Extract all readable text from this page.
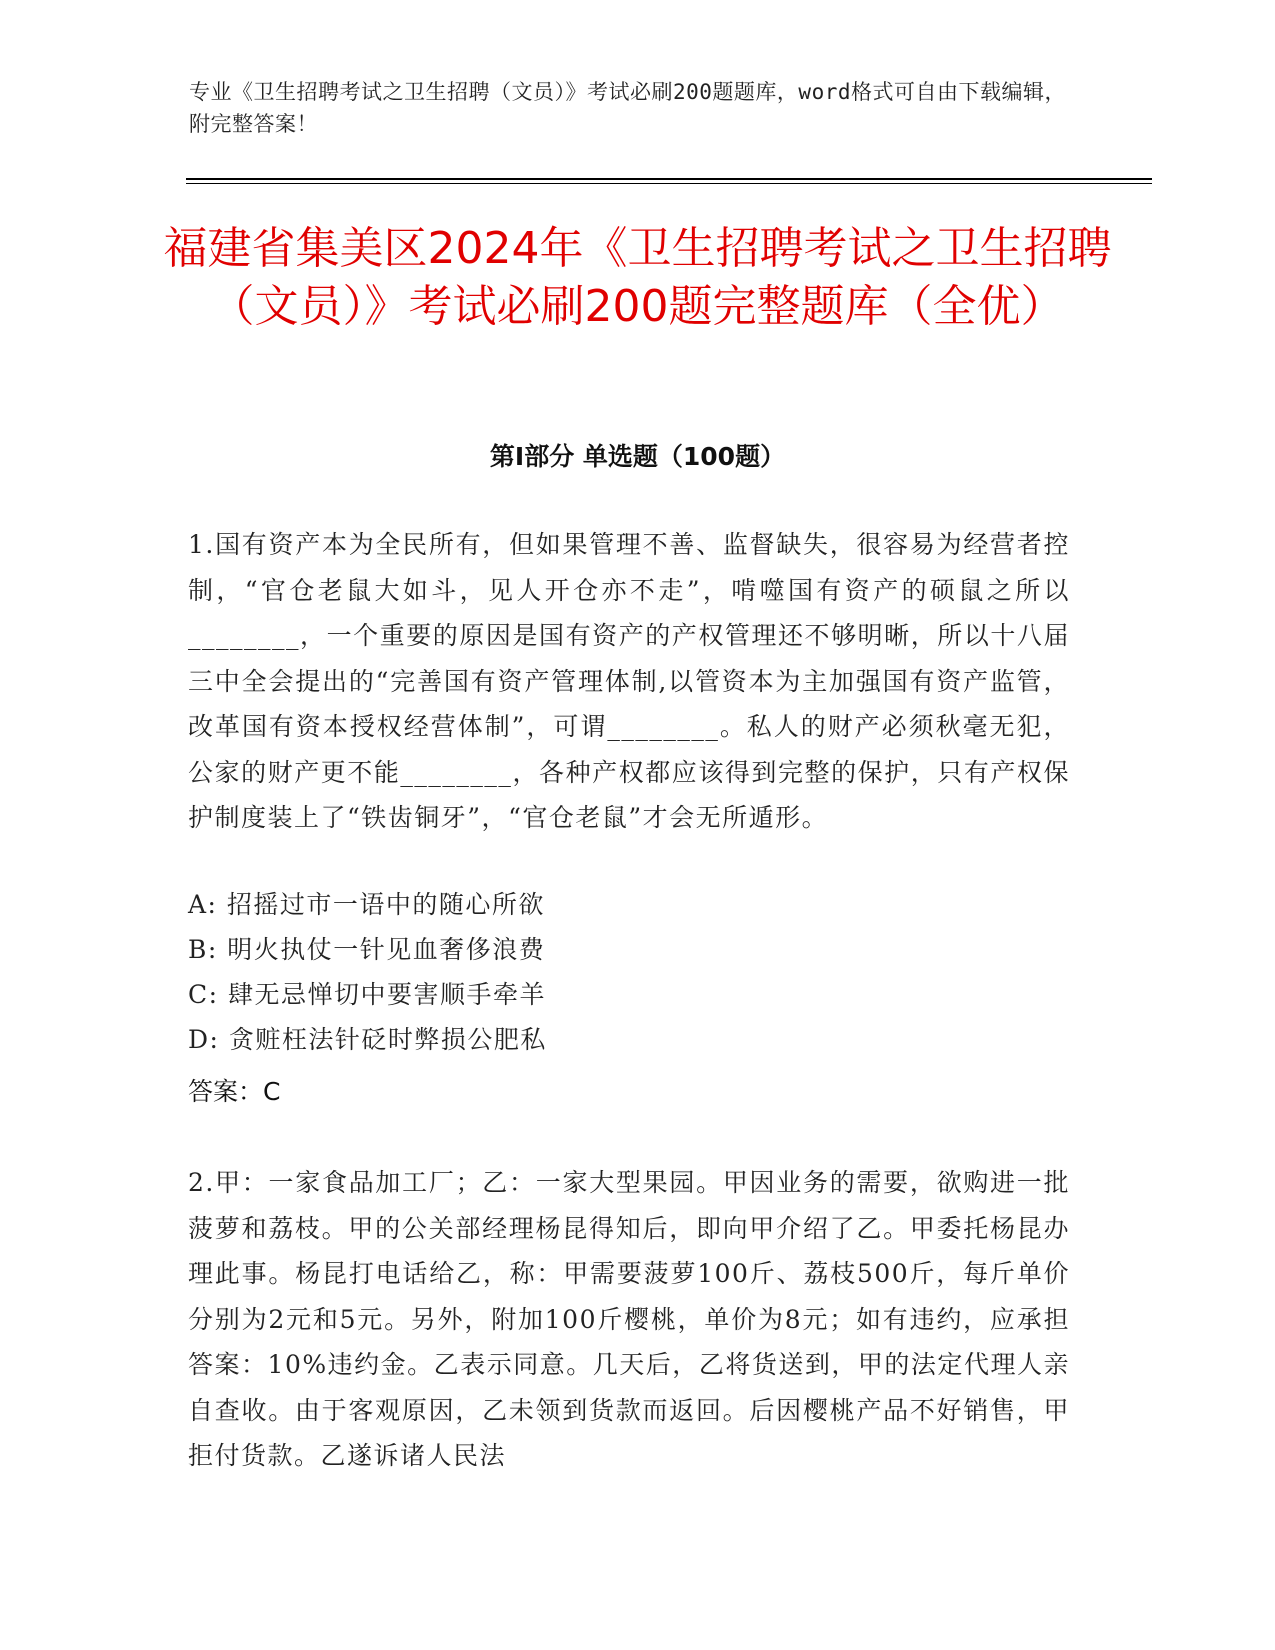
专业《卫生招聘考试之卫生招聘（文员）》考试必刷200题题库，word格式可自由下载编辑，附完整答案！
福建省集美区2024年《卫生招聘考试之卫生招聘（文员）》考试必刷200题完整题库（全优）
第I部分 单选题（100题）

1.国有资产本为全民所有，但如果管理不善、监督缺失，很容易为经营者控制，“官仓老鼠大如斗，见人开仓亦不走”，啃噬国有资产的硕鼠之所以________，一个重要的原因是国有资产的产权管理还不够明晰，所以十八届三中全会提出的“完善国有资产管理体制,以管资本为主加强国有资产监管，改革国有资本授权经营体制”，可谓________。私人的财产必须秋毫无犯，公家的财产更不能________，各种产权都应该得到完整的保护，只有产权保护制度装上了“铁齿铜牙”，“官仓老鼠”才会无所遁形。

A: 招摇过市一语中的随心所欲
B: 明火执仗一针见血奢侈浪费
C: 肆无忌惮切中要害顺手牵羊
D: 贪赃枉法针砭时弊损公肥私
答案：C

2.甲：一家食品加工厂；乙：一家大型果园。甲因业务的需要，欲购进一批菠萝和荔枝。甲的公关部经理杨昆得知后，即向甲介绍了乙。甲委托杨昆办理此事。杨昆打电话给乙，称：甲需要菠萝100斤、荔枝500斤，每斤单价分别为2元和5元。另外，附加100斤樱桃，单价为8元；如有违约，应承担答案：10%违约金。乙表示同意。几天后，乙将货送到，甲的法定代理人亲自查收。由于客观原因，乙未领到货款而返回。后因樱桃产品不好销售，甲拒付货款。乙遂诉诸人民法
